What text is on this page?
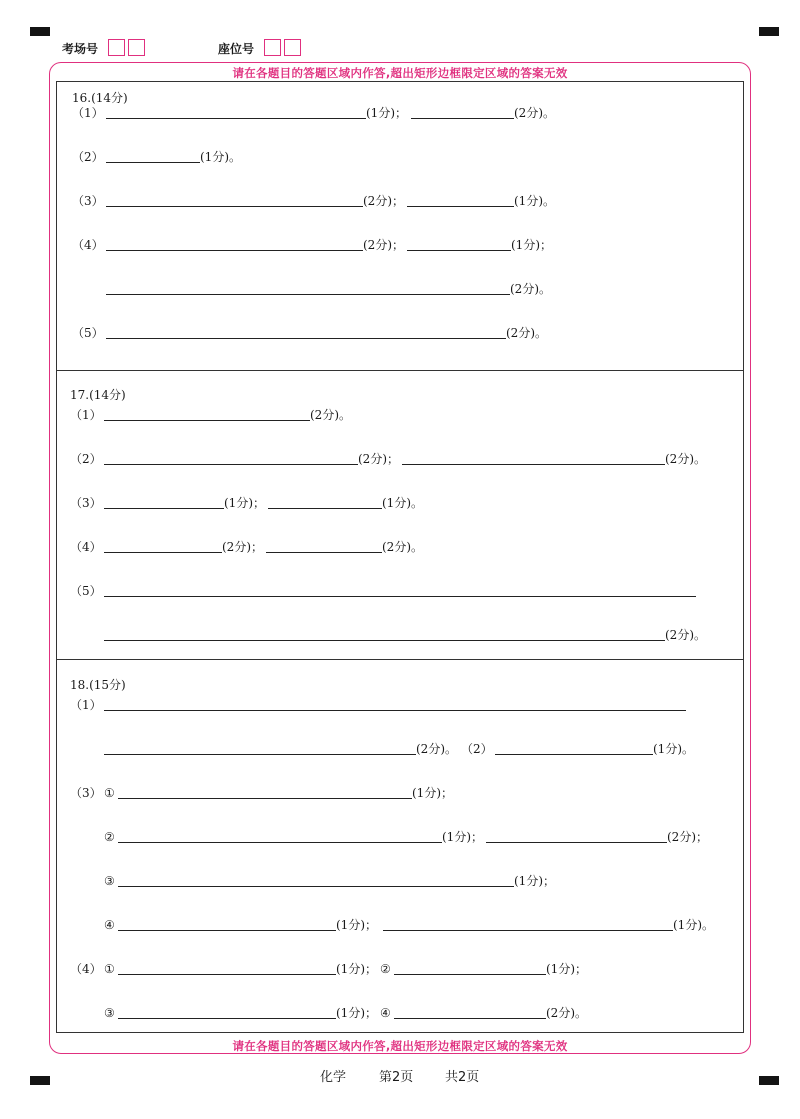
考场号	座位号
请在各题目的答题区域内作答,超出矩形边框限定区域的答案无效
请在各题目的答题区域内作答,超出矩形边框限定区域的答案无效
16.(14分)
（1）	(1分)；	(2分)。
（2）	(1分)。
（3）	(2分)；	(1分)。
（4）	(2分)；	(1分)；
(2分)。
（5）	(2分)。
17.(14分)
（1）	(2分)。
（2）	(2分)；	(2分)。
（3）	(1分)；	(1分)。
（4）	(2分)；	(2分)。
（5）
(2分)。
18.(15分)
（1）
(2分)。 （2）	(1分)。
（3） ①	(1分)；
②	(1分)；	(2分)；
③	(1分)；
④	(1分)；	(1分)。
（4） ①	(1分)； ②	(1分)；
③	(1分)； ④	(2分)。
化学	第2页 共2页
